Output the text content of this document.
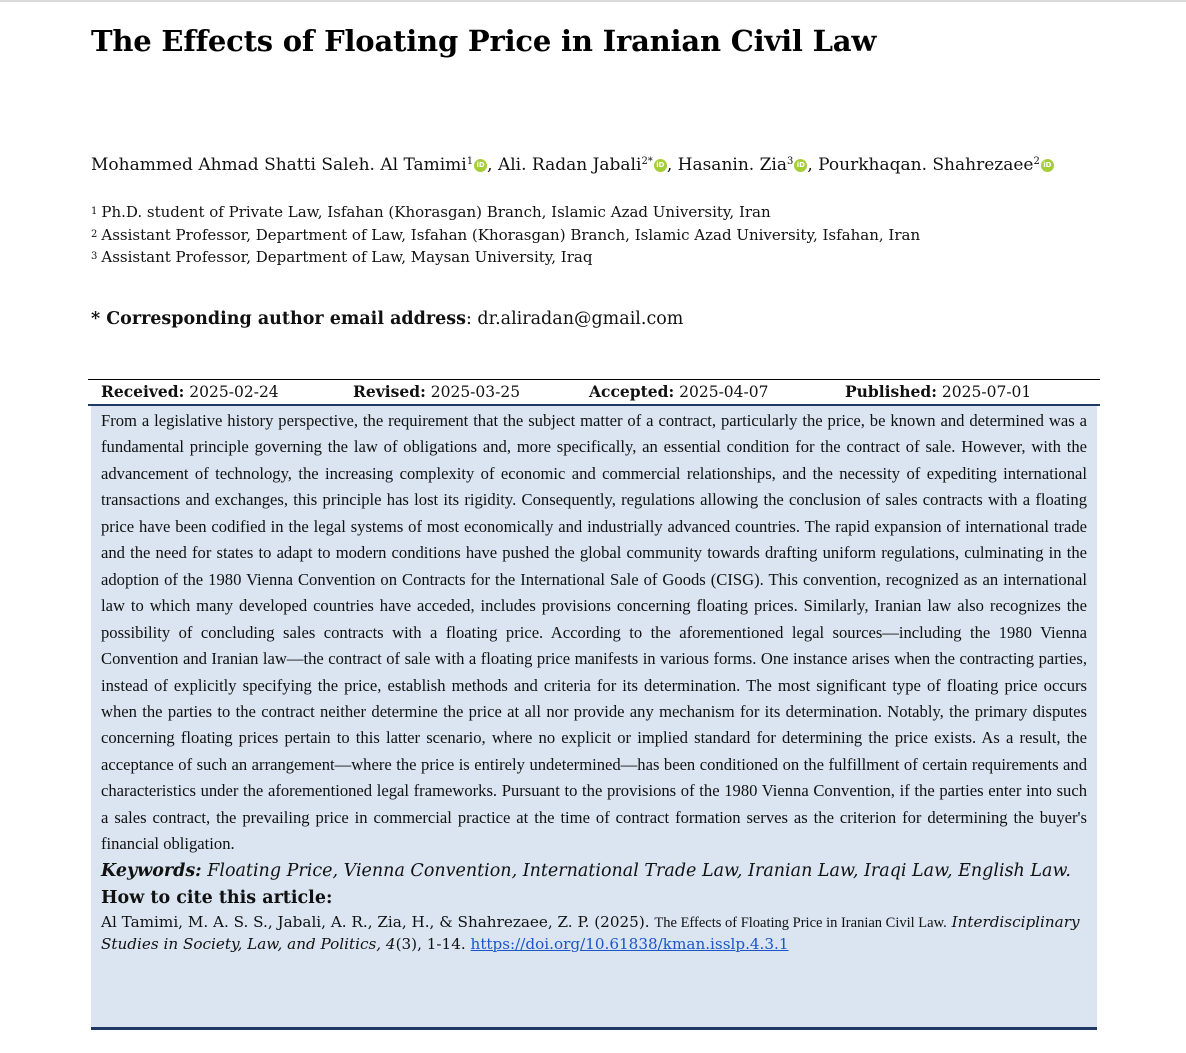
The Effects of Floating Price in Iranian Civil Law
Mohammed Ahmad Shatti Saleh. Al Tamimi$^1$ iD , Ali. Radan Jabali$^{2*}$ iD , Hasanin. Zia$^3$ iD , Pourkhaqan. Shahrezaee$^2$ iD
$^1$ Ph.D. student of Private Law, Isfahan (Khorasgan) Branch, Islamic Azad University, Iran
$^2$ Assistant Professor, Department of Law, Isfahan (Khorasgan) Branch, Islamic Azad University, Isfahan, Iran
$^3$ Assistant Professor, Department of Law, Maysan University, Iraq
* Corresponding author email address: dr.aliradan@gmail.com
Received: 2025-02-24	Revised: 2025-03-25	Accepted: 2025-04-07	Published: 2025-07-01

From a legislative history perspective, the requirement that the subject matter of a contract, particularly the price, be known and determined was a fundamental principle governing the law of obligations and, more specifically, an essential condition for the contract of sale. However, with the advancement of technology, the increasing complexity of economic and commercial relationships, and the necessity of expediting international transactions and exchanges, this principle has lost its rigidity. Consequently, regulations allowing the conclusion of sales contracts with a floating price have been codified in the legal systems of most economically and industrially advanced countries. The rapid expansion of international trade and the need for states to adapt to modern conditions have pushed the global community towards drafting uniform regulations, culminating in the adoption of the 1980 Vienna Convention on Contracts for the International Sale of Goods (CISG). This convention, recognized as an international law to which many developed countries have acceded, includes provisions concerning floating prices. Similarly, Iranian law also recognizes the possibility of concluding sales contracts with a floating price. According to the aforementioned legal sources—including the 1980 Vienna Convention and Iranian law—the contract of sale with a floating price manifests in various forms. One instance arises when the contracting parties, instead of explicitly specifying the price, establish methods and criteria for its determination. The most significant type of floating price occurs when the parties to the contract neither determine the price at all nor provide any mechanism for its determination. Notably, the primary disputes concerning floating prices pertain to this latter scenario, where no explicit or implied standard for determining the price exists. As a result, the acceptance of such an arrangement—where the price is entirely undetermined—has been conditioned on the fulfillment of certain requirements and characteristics under the aforementioned legal frameworks. Pursuant to the provisions of the 1980 Vienna Convention, if the parties enter into such a sales contract, the prevailing price in commercial practice at the time of contract formation serves as the criterion for determining the buyer's financial obligation.

Keywords: Floating Price, Vienna Convention, International Trade Law, Iranian Law, Iraqi Law, English Law.

How to cite this article:

Al Tamimi, M. A. S. S., Jabali, A. R., Zia, H., & Shahrezaee, Z. P. (2025). The Effects of Floating Price in Iranian Civil Law. Interdisciplinary Studies in Society, Law, and Politics, 4(3), 1-14. https://doi.org/10.61838/kman.isslp.4.3.1
